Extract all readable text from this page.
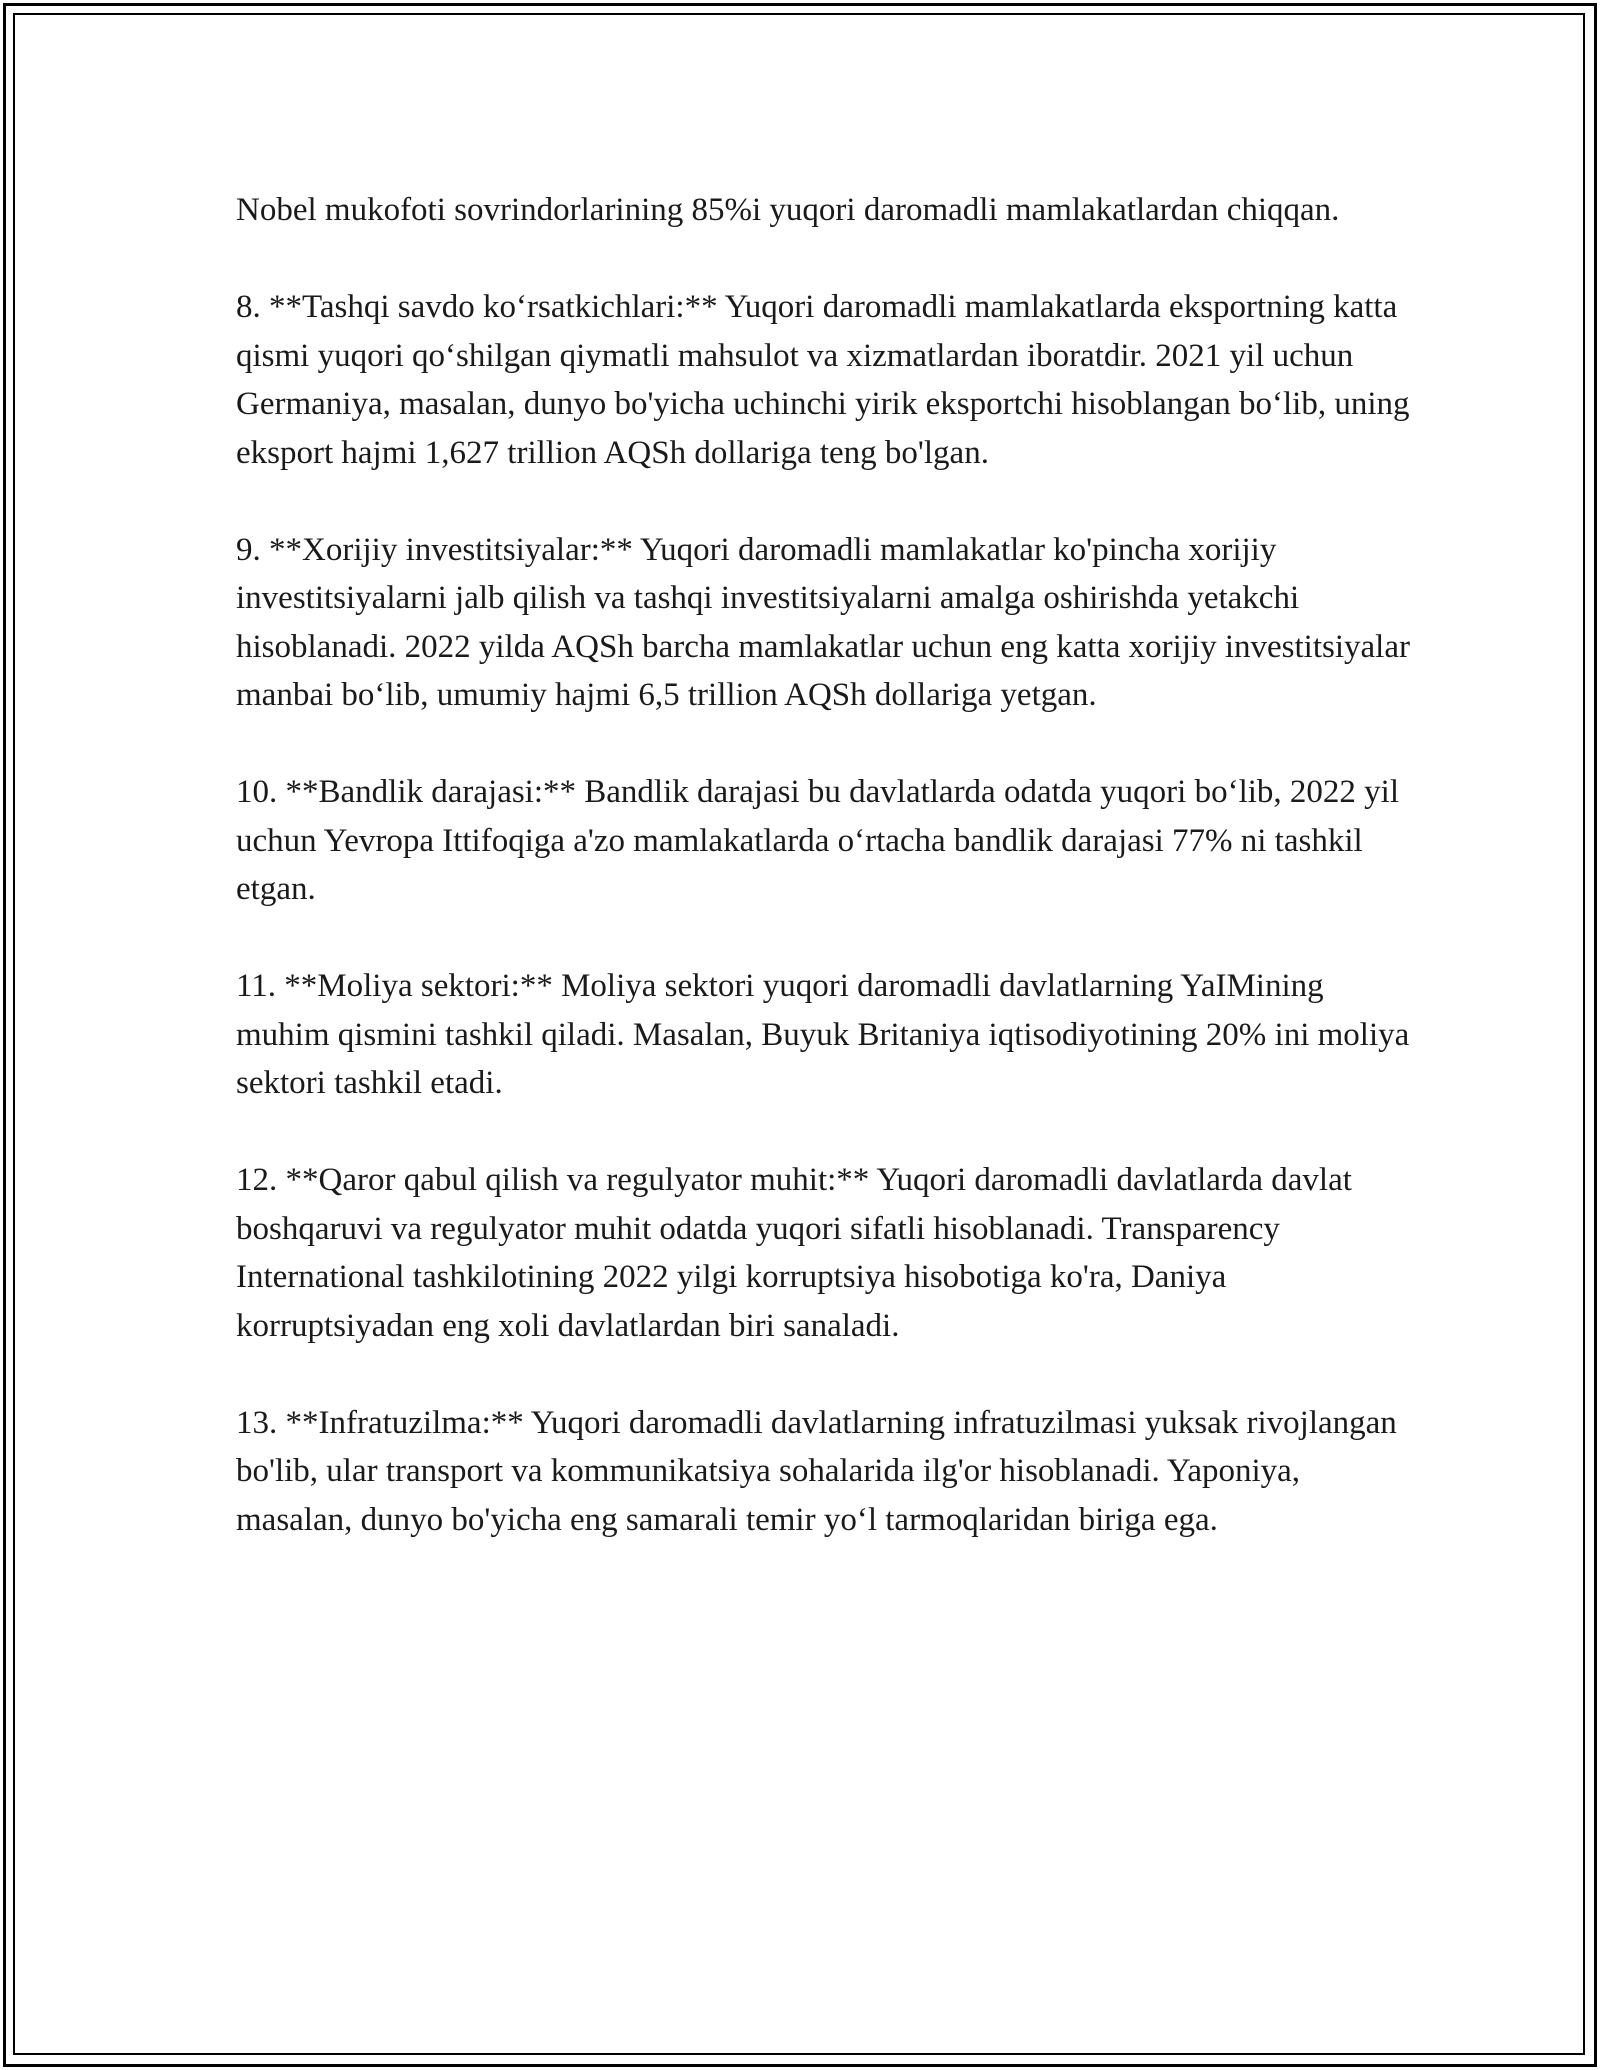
Nobel mukofoti sovrindorlarining 85%i yuqori daromadli mamlakatlardan chiqqan.

8. **Tashqi savdo ko‘rsatkichlari:** Yuqori daromadli mamlakatlarda eksportning katta qismi yuqori qo‘shilgan qiymatli mahsulot va xizmatlardan iboratdir. 2021 yil uchun Germaniya, masalan, dunyo bo'yicha uchinchi yirik eksportchi hisoblangan bo‘lib, uning eksport hajmi 1,627 trillion AQSh dollariga teng bo'lgan.

9. **Xorijiy investitsiyalar:** Yuqori daromadli mamlakatlar ko'pincha xorijiy investitsiyalarni jalb qilish va tashqi investitsiyalarni amalga oshirishda yetakchi hisoblanadi. 2022 yilda AQSh barcha mamlakatlar uchun eng katta xorijiy investitsiyalar manbai bo‘lib, umumiy hajmi 6,5 trillion AQSh dollariga yetgan.

10. **Bandlik darajasi:** Bandlik darajasi bu davlatlarda odatda yuqori bo‘lib, 2022 yil uchun Yevropa Ittifoqiga a'zo mamlakatlarda o‘rtacha bandlik darajasi 77% ni tashkil etgan.

11. **Moliya sektori:** Moliya sektori yuqori daromadli davlatlarning YaIMining muhim qismini tashkil qiladi. Masalan, Buyuk Britaniya iqtisodiyotining 20% ini moliya sektori tashkil etadi.

12. **Qaror qabul qilish va regulyator muhit:** Yuqori daromadli davlatlarda davlat boshqaruvi va regulyator muhit odatda yuqori sifatli hisoblanadi. Transparency International tashkilotining 2022 yilgi korruptsiya hisobotiga ko'ra, Daniya korruptsiyadan eng xoli davlatlardan biri sanaladi.

13. **Infratuzilma:** Yuqori daromadli davlatlarning infratuzilmasi yuksak rivojlangan bo'lib, ular transport va kommunikatsiya sohalarida ilg'or hisoblanadi. Yaponiya, masalan, dunyo bo'yicha eng samarali temir yo‘l tarmoqlaridan biriga ega.
